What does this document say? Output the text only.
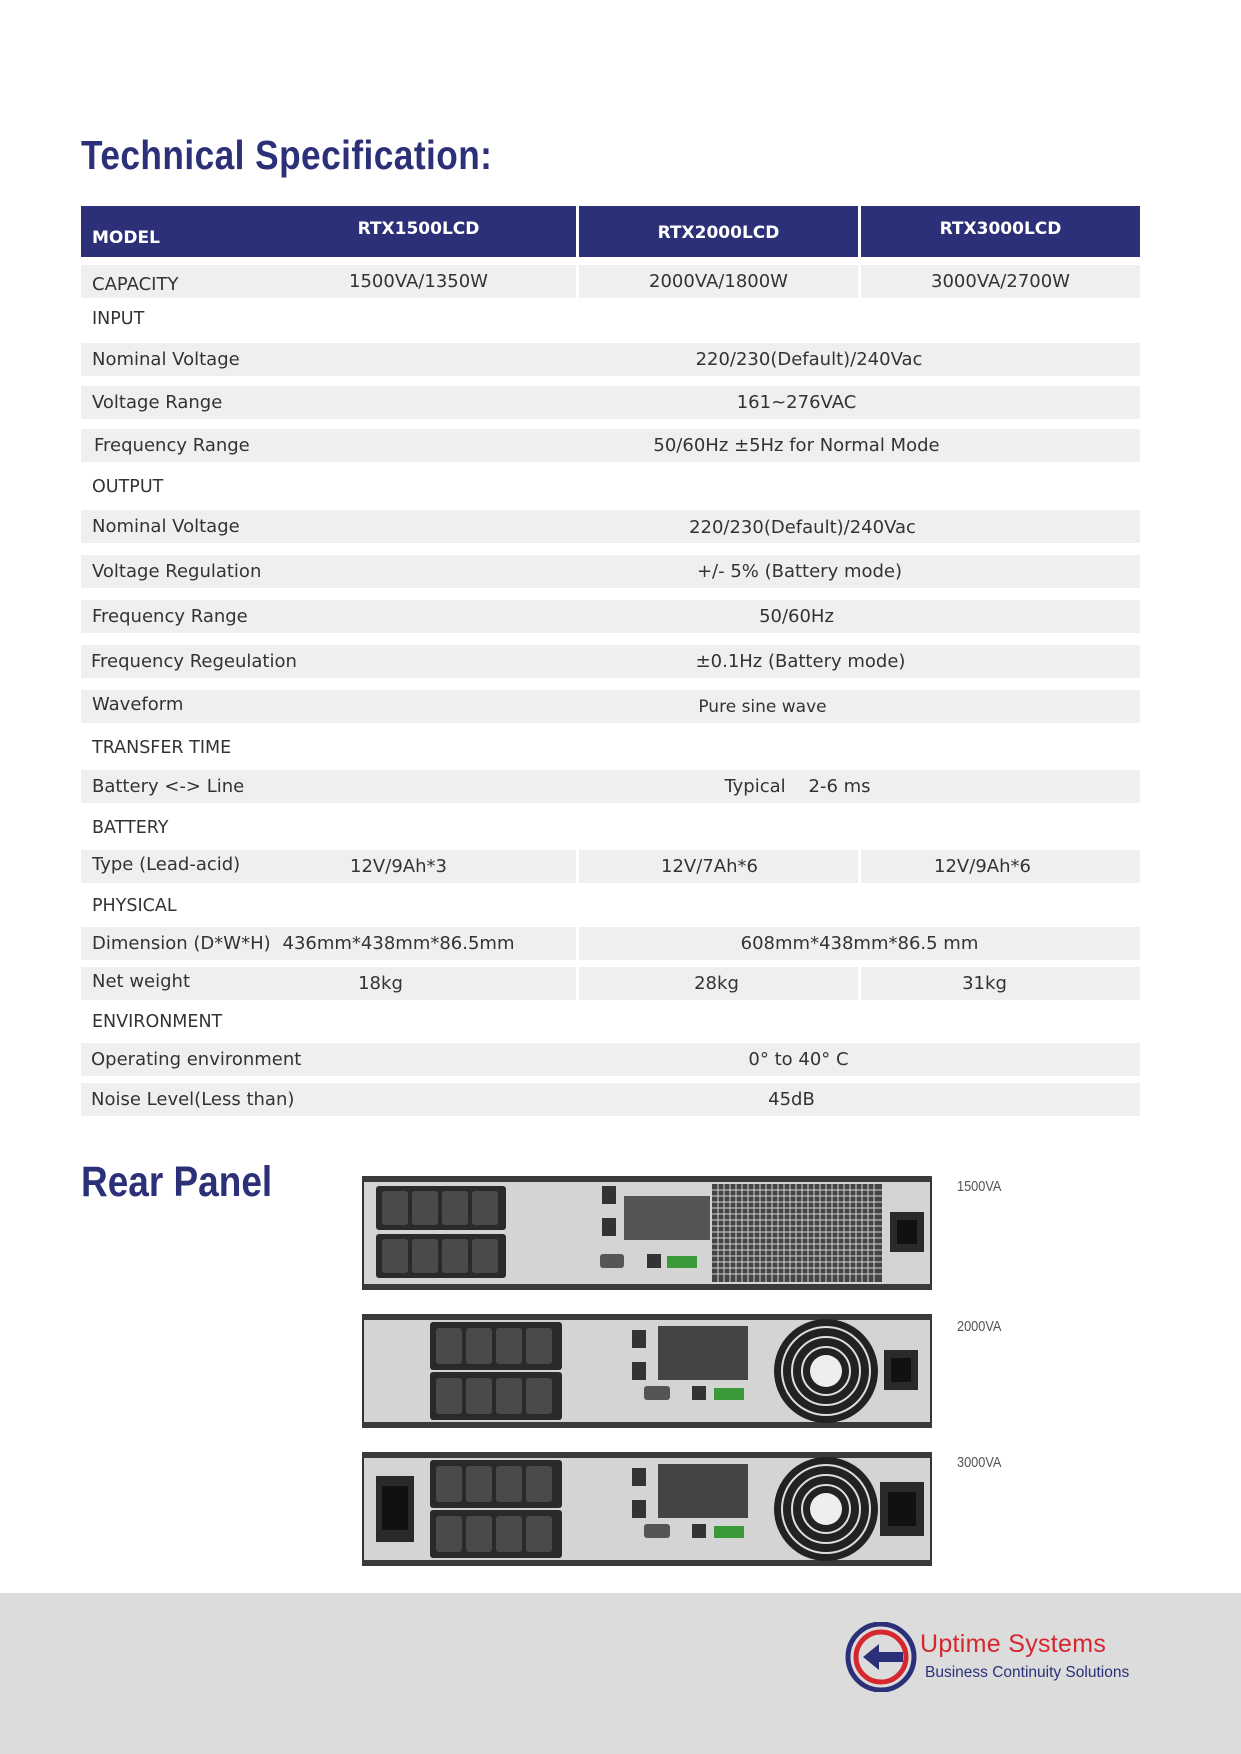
Technical Specification:
MODEL	RTX1500LCD	RTX2000LCD	RTX3000LCD
CAPACITY	1500VA/1350W	2000VA/1800W	3000VA/2700W
INPUT
Nominal Voltage	220/230(Default)/240Vac
Voltage Range	161~276VAC
Frequency Range	50/60Hz ±5Hz for Normal Mode
OUTPUT
Nominal Voltage	220/230(Default)/240Vac
Voltage Regulation	+/- 5% (Battery mode)
Frequency Range	50/60Hz
Frequency Regeulation	±0.1Hz (Battery mode)
Waveform	Pure sine wave
TRANSFER TIME
Battery <-> Line	Typical    2-6 ms
BATTERY
Type (Lead-acid)	12V/9Ah*3	12V/7Ah*6	12V/9Ah*6
PHYSICAL
Dimension (D*W*H) 436mm*438mm*86.5mm	608mm*438mm*86.5 mm
Net weight	18kg	28kg	31kg
ENVIRONMENT
Operating environment	0° to 40° C
Noise Level(Less than)	45dB
Rear Panel	1500VA
2000VA
3000VA
Uptime Systems
Business Continuity Solutions
